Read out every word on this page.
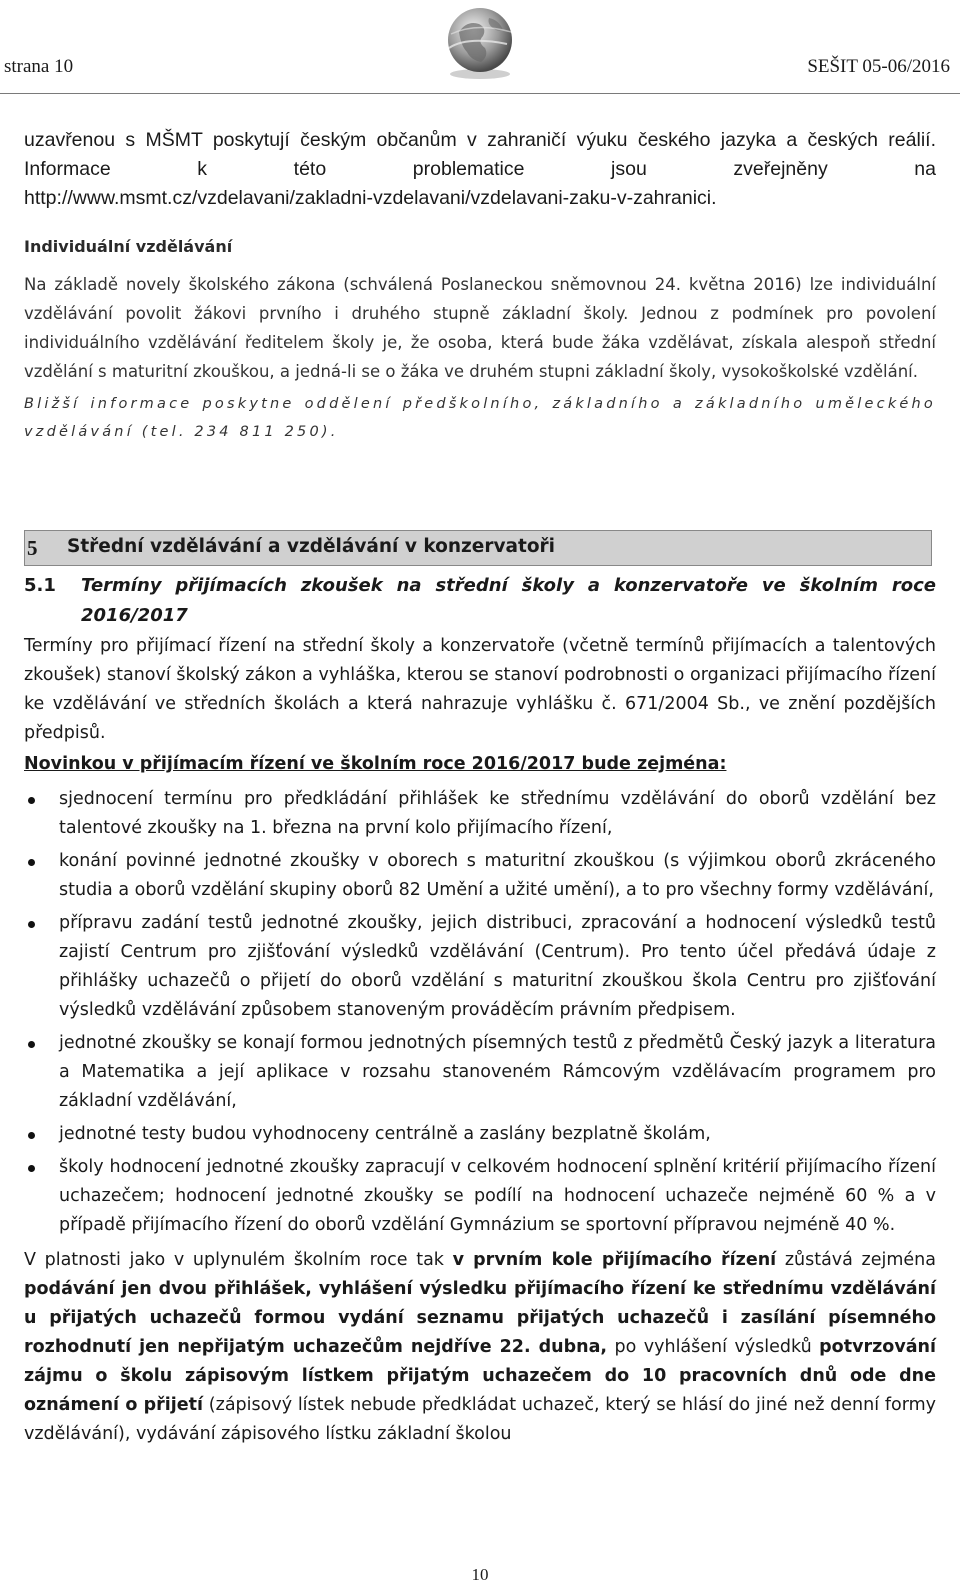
strana 10	SEŠIT 05-06/2016

uzavřenou s MŠMT poskytují českým občanům v zahraničí výuku českého jazyka a českých reálií. Informace k této problematice jsou zveřejněny na
http://www.msmt.cz/vzdelavani/zakladni-vzdelavani/vzdelavani-zaku-v-zahranici.

Individuální vzdělávání

Na základě novely školského zákona (schválená Poslaneckou sněmovnou 24. května 2016) lze individuální vzdělávání povolit žákovi prvního i druhého stupně základní školy. Jednou z podmínek pro povolení individuálního vzdělávání ředitelem školy je, že osoba, která bude žáka vzdělávat, získala alespoň střední vzdělání s maturitní zkouškou, a jedná-li se o žáka ve druhém stupni základní školy, vysokoškolské vzdělání.

Bližší informace poskytne oddělení předškolního, základního a základního uměleckého vzdělávání (tel. 234 811 250).

5 Střední vzdělávání a vzdělávání v konzervatoři
5.1 Termíny přijímacích zkoušek na střední školy a konzervatoře ve školním roce 2016/2017

Termíny pro přijímací řízení na střední školy a konzervatoře (včetně termínů přijímacích a talentových zkoušek) stanoví školský zákon a vyhláška, kterou se stanoví podrobnosti o organizaci přijímacího řízení ke vzdělávání ve středních školách a která nahrazuje vyhlášku č. 671/2004 Sb., ve znění pozdějších předpisů.

Novinkou v přijímacím řízení ve školním roce 2016/2017 bude zejména:

sjednocení termínu pro předkládání přihlášek ke střednímu vzdělávání do oborů vzdělání bez talentové zkoušky na 1. března na první kolo přijímacího řízení,
konání povinné jednotné zkoušky v oborech s maturitní zkouškou (s výjimkou oborů zkráceného studia a oborů vzdělání skupiny oborů 82 Umění a užité umění), a to pro všechny formy vzdělávání,
přípravu zadání testů jednotné zkoušky, jejich distribuci, zpracování a hodnocení výsledků testů zajistí Centrum pro zjišťování výsledků vzdělávání (Centrum). Pro tento účel předává údaje z přihlášky uchazečů o přijetí do oborů vzdělání s maturitní zkouškou škola Centru pro zjišťování výsledků vzdělávání způsobem stanoveným prováděcím právním předpisem.
jednotné zkoušky se konají formou jednotných písemných testů z předmětů Český jazyk a literatura a Matematika a její aplikace v rozsahu stanoveném Rámcovým vzdělávacím programem pro základní vzdělávání,
jednotné testy budou vyhodnoceny centrálně a zaslány bezplatně školám,
školy hodnocení jednotné zkoušky zapracují v celkovém hodnocení splnění kritérií přijímacího řízení uchazečem; hodnocení jednotné zkoušky se podílí na hodnocení uchazeče nejméně 60 % a v případě přijímacího řízení do oborů vzdělání Gymnázium se sportovní přípravou nejméně 40 %.

V platnosti jako v uplynulém školním roce tak v prvním kole přijímacího řízení zůstává zejména podávání jen dvou přihlášek, vyhlášení výsledku přijímacího řízení ke střednímu vzdělávání u přijatých uchazečů formou vydání seznamu přijatých uchazečů i zasílání písemného rozhodnutí jen nepřijatým uchazečům nejdříve 22. dubna, po vyhlášení výsledků potvrzování zájmu o školu zápisovým lístkem přijatým uchazečem do 10 pracovních dnů ode dne oznámení o přijetí (zápisový lístek nebude předkládat uchazeč, který se hlásí do jiné než denní formy vzdělávání), vydávání zápisového lístku základní školou

10
